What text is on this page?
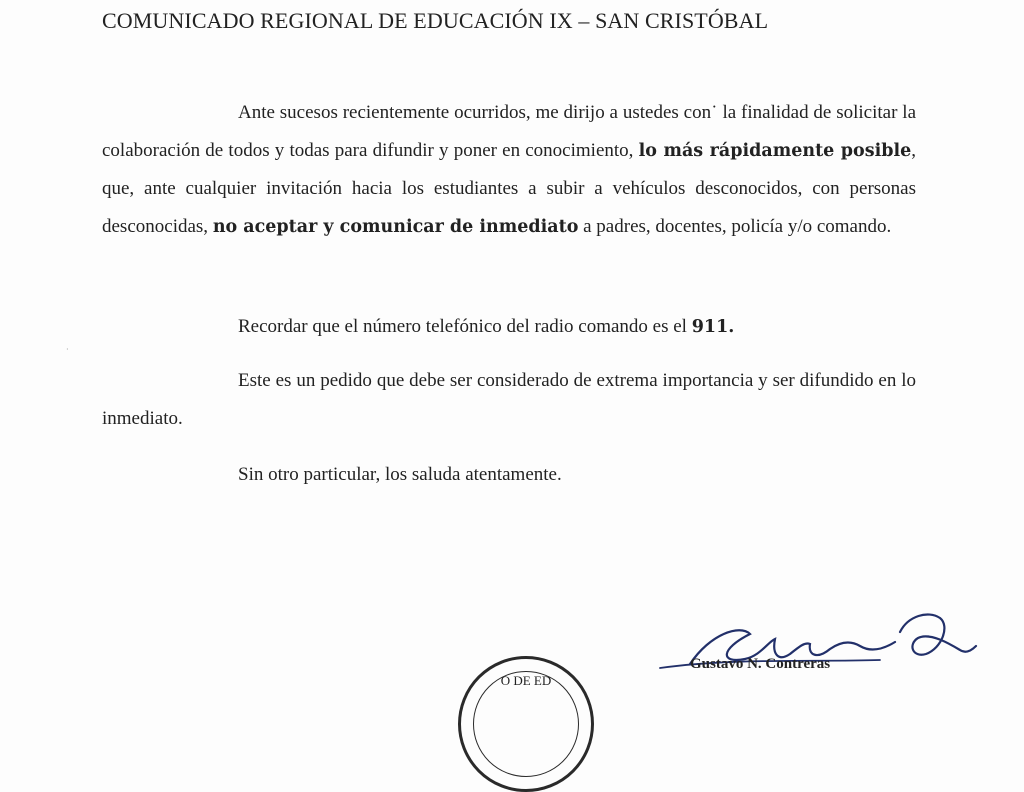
COMUNICADO REGIONAL DE EDUCACIÓN IX – SAN CRISTÓBAL

Ante sucesos recientemente ocurridos, me dirijo a ustedes con˙ la finalidad de solicitar la colaboración de todos y todas para difundir y poner en conocimiento, lo más rápidamente posible, que, ante cualquier invitación hacia los estudiantes a subir a vehículos desconocidos, con personas desconocidas, no aceptar y comunicar de inmediato a padres, docentes, policía y/o comando.

Recordar que el número telefónico del radio comando es el 911.

Este es un pedido que debe ser considerado de extrema importancia y ser difundido en lo inmediato.

Sin otro particular, los saluda atentamente.

·
O DE ED
Gustavo N. Contreras
